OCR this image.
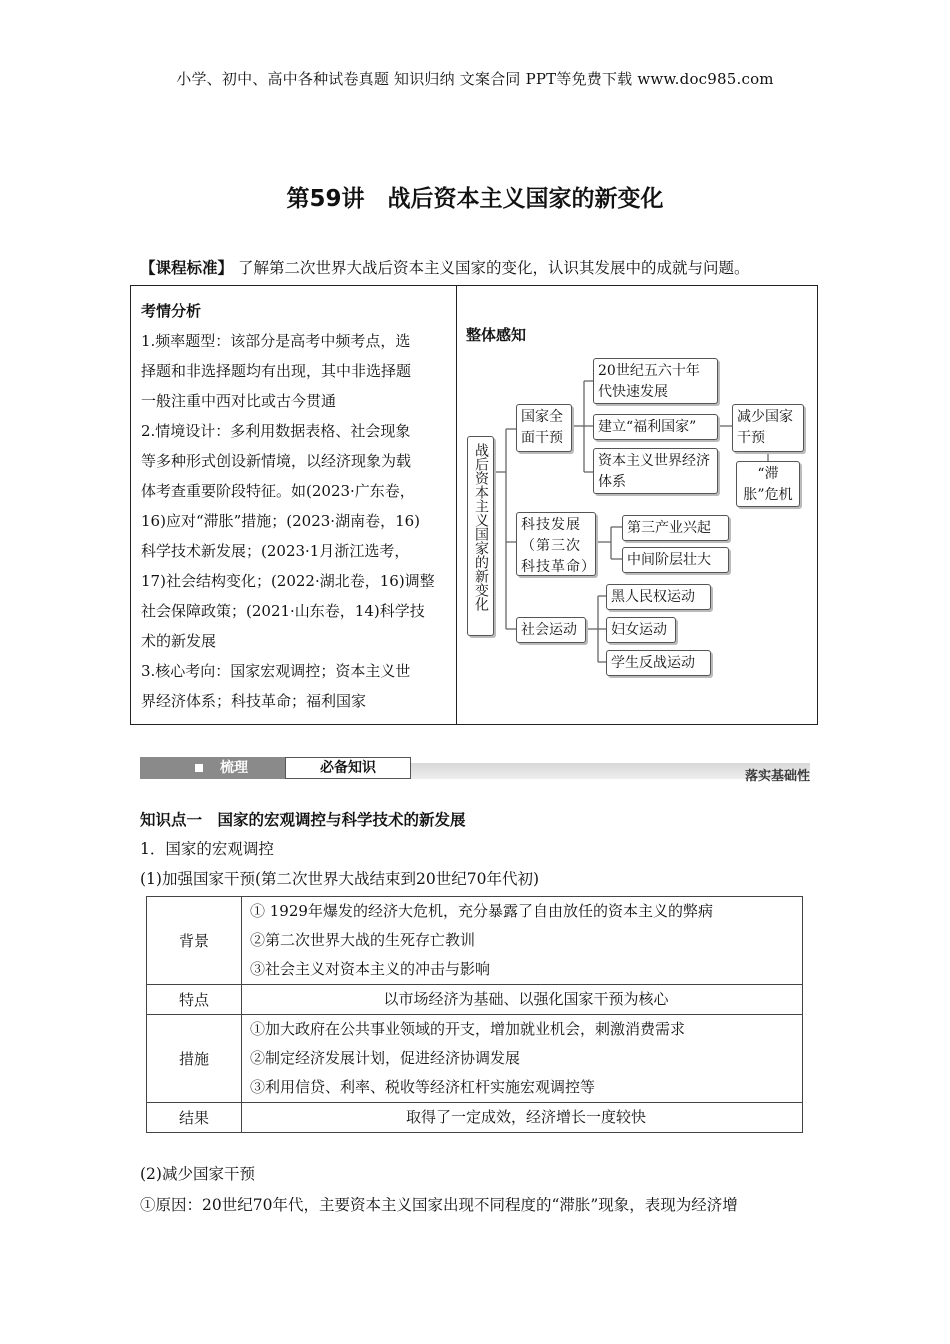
小学、初中、高中各种试卷真题 知识归纳 文案合同 PPT等免费下载 www.doc985.com
第59讲　战后资本主义国家的新变化
【课程标准】 了解第二次世界大战后资本主义国家的变化，认识其发展中的成就与问题。
考情分析
1.频率题型：该部分是高考中频考点，选
择题和非选择题均有出现，其中非选择题
一般注重中西对比或古今贯通
2.情境设计：多利用数据表格、社会现象
等多种形式创设新情境，以经济现象为载
体考查重要阶段特征。如(2023·广东卷，
16)应对“滞胀”措施；(2023·湖南卷，16)
科学技术新发展；(2023·1月浙江选考，
17)社会结构变化；(2022·湖北卷，16)调整
社会保障政策；(2021·山东卷，14)科学技
术的新发展
3.核心考向：国家宏观调控；资本主义世
界经济体系；科技革命；福利国家
整体感知
战后资本主义国家的新变化
国家全面干预
20世纪五六十年代快速发展
建立“福利国家”
资本主义世界经济体系
减少国家干预
“滞胀”危机
科技发展（第三次科技革命）
第三产业兴起
中间阶层壮大
社会运动
黑人民权运动
妇女运动
学生反战运动
梳理	必备知识
落实基础性
知识点一　国家的宏观调控与科学技术的新发展
1．国家的宏观调控
(1)加强国家干预(第二次世界大战结束到20世纪70年代初)
背景	① 1929年爆发的经济大危机，充分暴露了自由放任的资本主义的弊病
②第二次世界大战的生死存亡教训
③社会主义对资本主义的冲击与影响

特点	以市场经济为基础、以强化国家干预为核心

措施	①加大政府在公共事业领域的开支，增加就业机会，刺激消费需求
②制定经济发展计划，促进经济协调发展
③利用信贷、利率、税收等经济杠杆实施宏观调控等

结果	取得了一定成效，经济增长一度较快
(2)减少国家干预
①原因：20世纪70年代，主要资本主义国家出现不同程度的“滞胀”现象，表现为经济增
